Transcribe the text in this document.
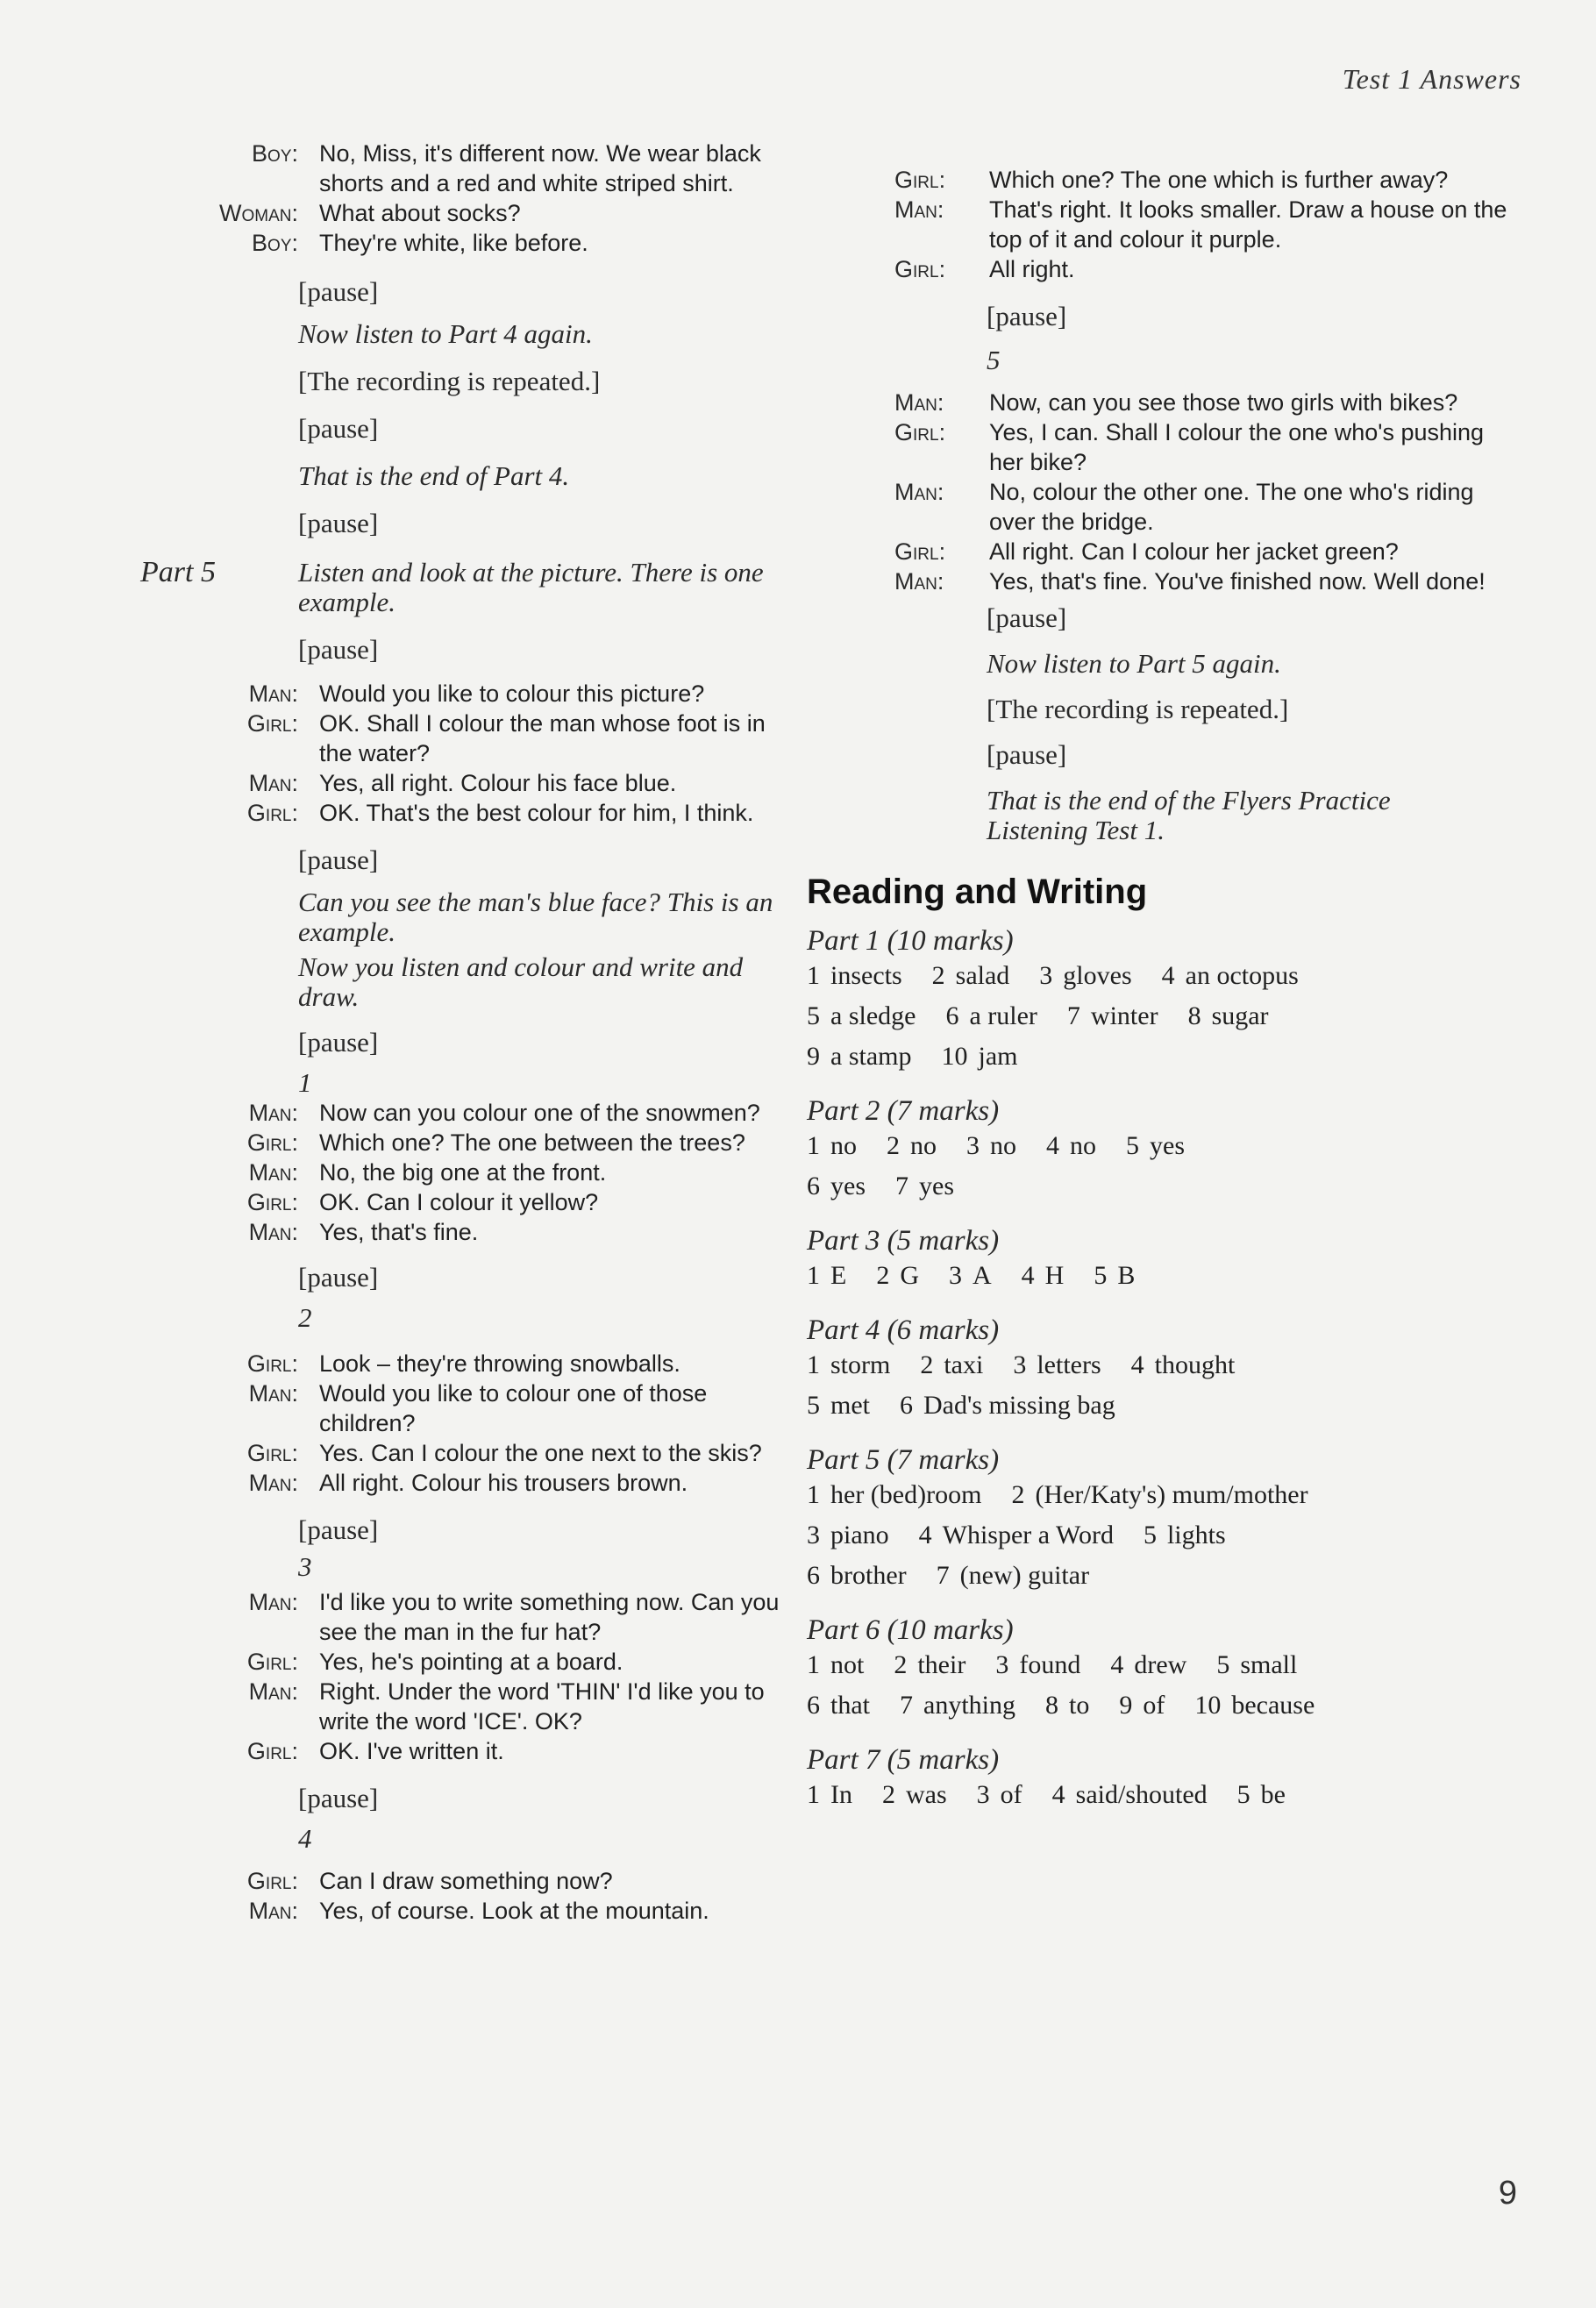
Test 1 Answers
Boy: No, Miss, it's different now. We wear black shorts and a red and white striped shirt.
Woman: What about socks?
Boy: They're white, like before.
[pause]
Now listen to Part 4 again.
[The recording is repeated.]
[pause]
That is the end of Part 4.
[pause]
Part 5	Listen and look at the picture. There is one example.
[pause]
Man: Would you like to colour this picture?
Girl: OK. Shall I colour the man whose foot is in the water?
Man: Yes, all right. Colour his face blue.
Girl: OK. That's the best colour for him, I think.
[pause]
Can you see the man's blue face? This is an example.
Now you listen and colour and write and draw.
[pause]
1
Man: Now can you colour one of the snowmen?
Girl: Which one? The one between the trees?
Man: No, the big one at the front.
Girl: OK. Can I colour it yellow?
Man: Yes, that's fine.
[pause]
2
Girl: Look – they're throwing snowballs.
Man: Would you like to colour one of those children?
Girl: Yes. Can I colour the one next to the skis?
Man: All right. Colour his trousers brown.
[pause]
3
Man: I'd like you to write something now. Can you see the man in the fur hat?
Girl: Yes, he's pointing at a board.
Man: Right. Under the word 'THIN' I'd like you to write the word 'ICE'. OK?
Girl: OK. I've written it.
[pause]
4
Girl: Can I draw something now?
Man: Yes, of course. Look at the mountain.
Girl:	Which one? The one which is further away?
Man:	That's right. It looks smaller. Draw a house on the top of it and colour it purple.
Girl:	All right.
[pause]
5
Man:	Now, can you see those two girls with bikes?
Girl:	Yes, I can. Shall I colour the one who's pushing her bike?
Man:	No, colour the other one. The one who's riding over the bridge.
Girl:	All right. Can I colour her jacket green?
Man:	Yes, that's fine. You've finished now. Well done!
[pause]
Now listen to Part 5 again.
[The recording is repeated.]
[pause]
That is the end of the Flyers Practice Listening Test 1.
Reading and Writing
Part 1 (10 marks)
1 insects 2 salad 3 gloves 4 an octopus
5 a sledge 6 a ruler 7 winter 8 sugar
9 a stamp 10 jam
Part 2 (7 marks)
1 no 2 no 3 no 4 no 5 yes
6 yes 7 yes
Part 3 (5 marks)
1 E 2 G 3 A 4 H 5 B
Part 4 (6 marks)
1 storm 2 taxi 3 letters 4 thought
5 met 6 Dad's missing bag
Part 5 (7 marks)
1 her (bed)room 2 (Her/Katy's) mum/mother
3 piano 4 Whisper a Word 5 lights
6 brother 7 (new) guitar
Part 6 (10 marks)
1 not 2 their 3 found 4 drew 5 small
6 that 7 anything 8 to 9 of 10 because
Part 7 (5 marks)
1 In 2 was 3 of 4 said/shouted 5 be
9
